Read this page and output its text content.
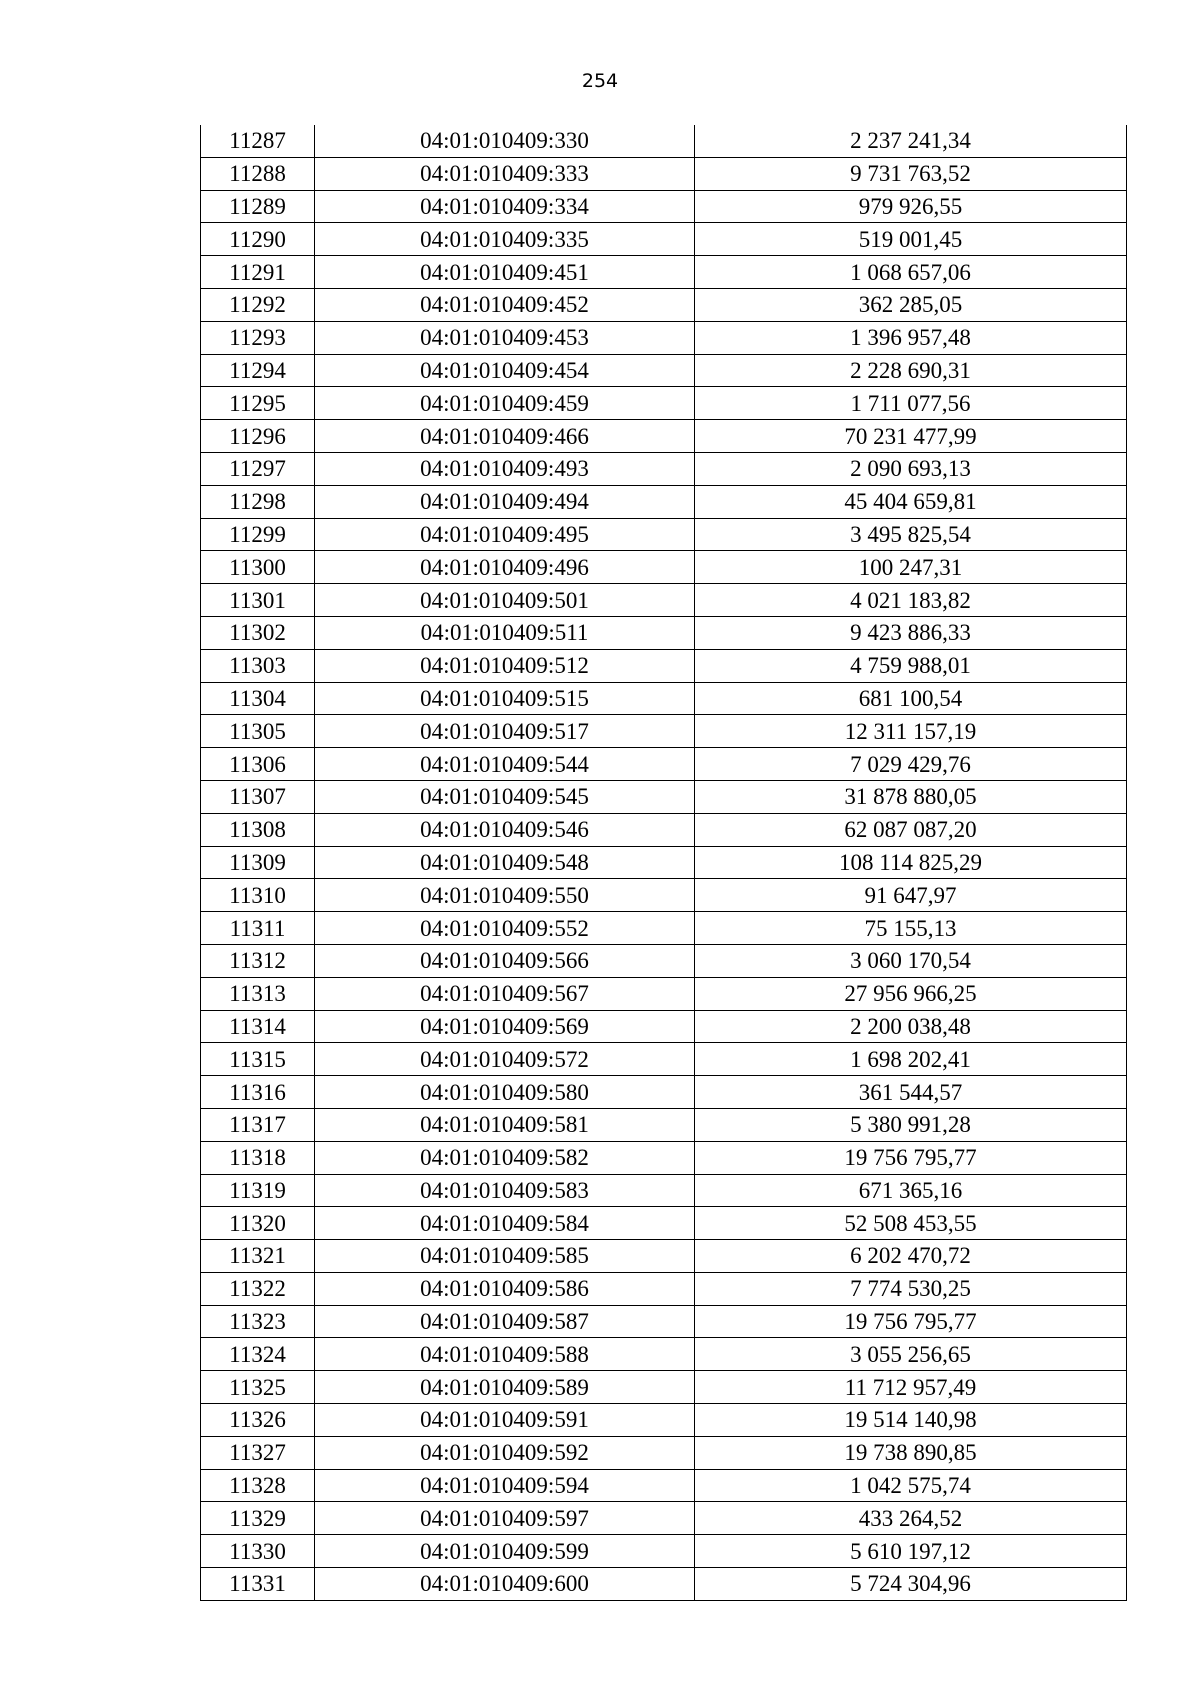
254
11287	04:01:010409:330	2 237 241,34
11288	04:01:010409:333	9 731 763,52
11289	04:01:010409:334	979 926,55
11290	04:01:010409:335	519 001,45
11291	04:01:010409:451	1 068 657,06
11292	04:01:010409:452	362 285,05
11293	04:01:010409:453	1 396 957,48
11294	04:01:010409:454	2 228 690,31
11295	04:01:010409:459	1 711 077,56
11296	04:01:010409:466	70 231 477,99
11297	04:01:010409:493	2 090 693,13
11298	04:01:010409:494	45 404 659,81
11299	04:01:010409:495	3 495 825,54
11300	04:01:010409:496	100 247,31
11301	04:01:010409:501	4 021 183,82
11302	04:01:010409:511	9 423 886,33
11303	04:01:010409:512	4 759 988,01
11304	04:01:010409:515	681 100,54
11305	04:01:010409:517	12 311 157,19
11306	04:01:010409:544	7 029 429,76
11307	04:01:010409:545	31 878 880,05
11308	04:01:010409:546	62 087 087,20
11309	04:01:010409:548	108 114 825,29
11310	04:01:010409:550	91 647,97
11311	04:01:010409:552	75 155,13
11312	04:01:010409:566	3 060 170,54
11313	04:01:010409:567	27 956 966,25
11314	04:01:010409:569	2 200 038,48
11315	04:01:010409:572	1 698 202,41
11316	04:01:010409:580	361 544,57
11317	04:01:010409:581	5 380 991,28
11318	04:01:010409:582	19 756 795,77
11319	04:01:010409:583	671 365,16
11320	04:01:010409:584	52 508 453,55
11321	04:01:010409:585	6 202 470,72
11322	04:01:010409:586	7 774 530,25
11323	04:01:010409:587	19 756 795,77
11324	04:01:010409:588	3 055 256,65
11325	04:01:010409:589	11 712 957,49
11326	04:01:010409:591	19 514 140,98
11327	04:01:010409:592	19 738 890,85
11328	04:01:010409:594	1 042 575,74
11329	04:01:010409:597	433 264,52
11330	04:01:010409:599	5 610 197,12
11331	04:01:010409:600	5 724 304,96
